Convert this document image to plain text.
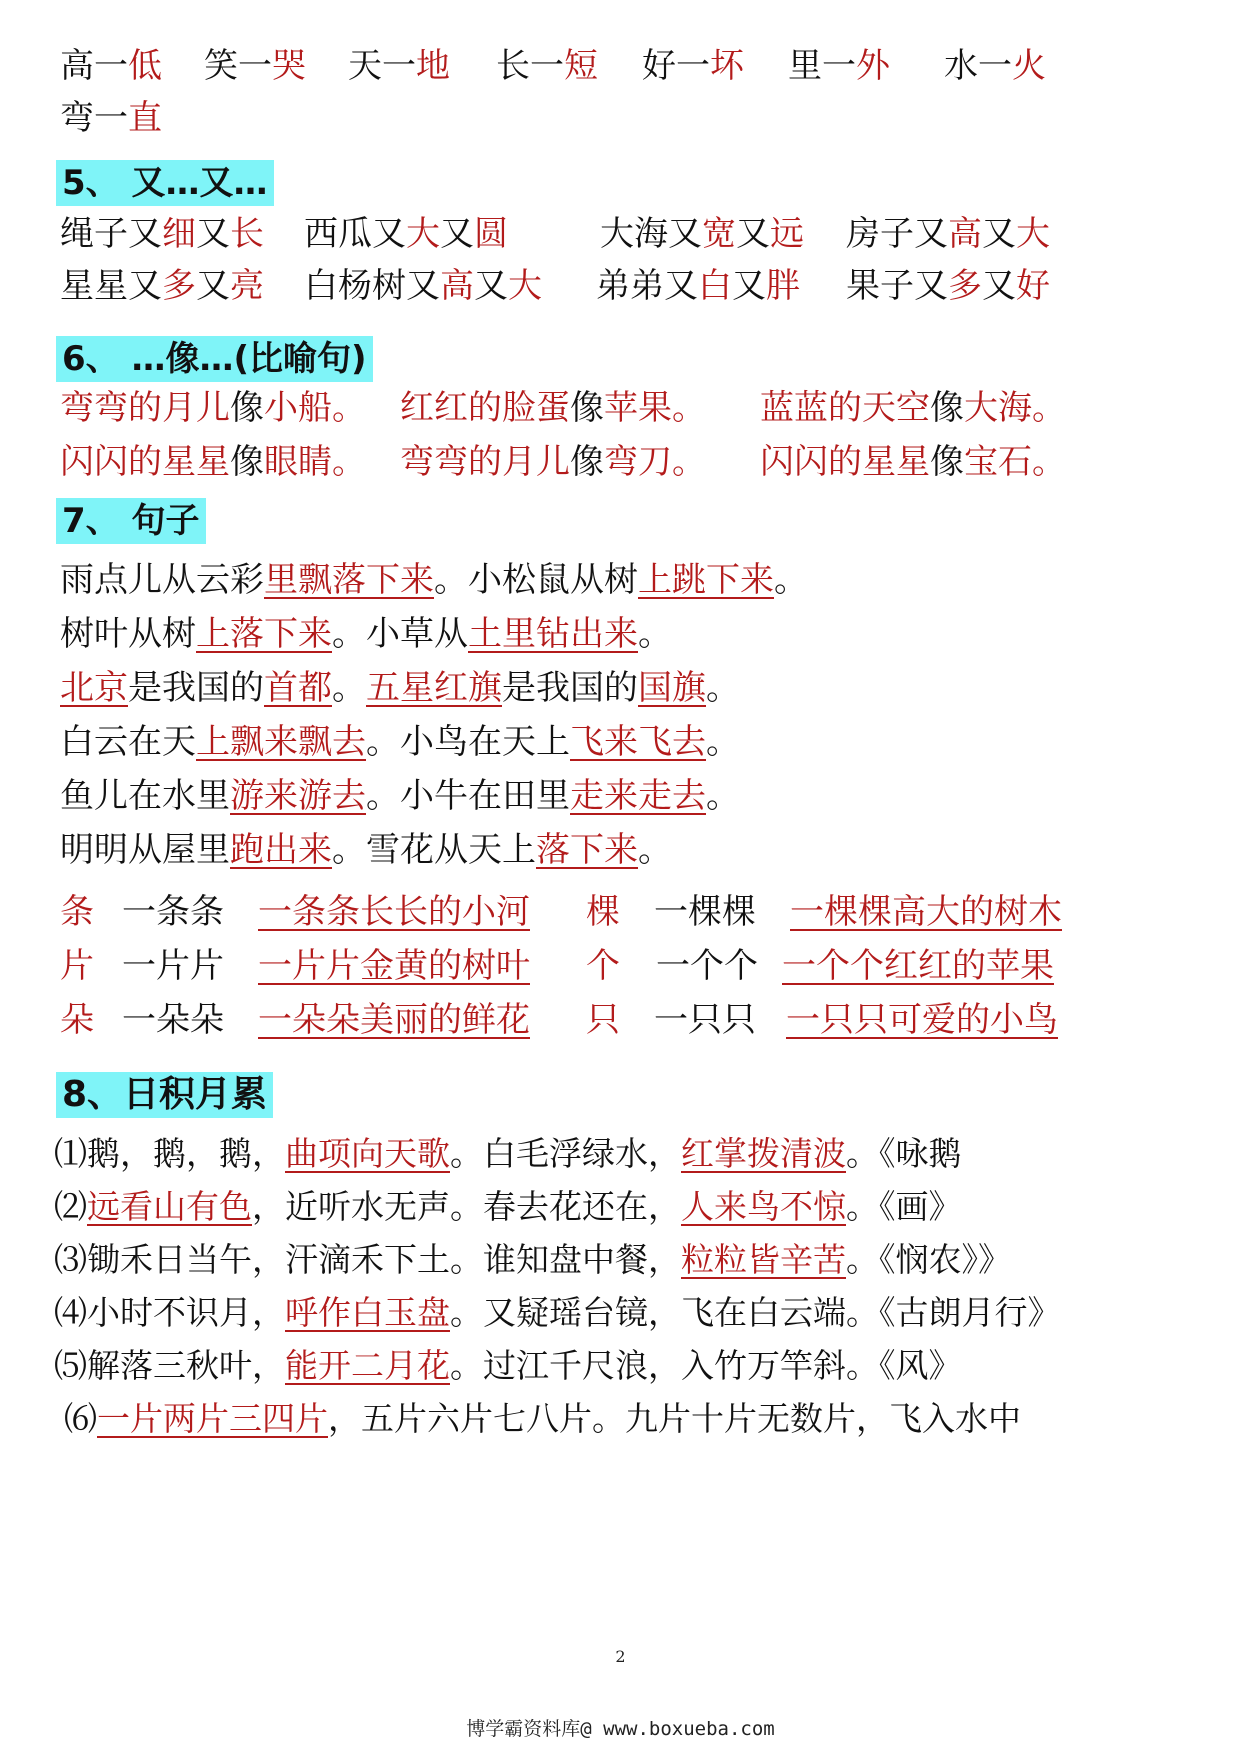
高一低 笑一哭 天一地 长一短 好一坏 里一外 水一火
弯一直
5、 又…又…
绳子又细又长 西瓜又大又圆	大海又宽又远 房子又高又大
星星又多又亮 白杨树又高又大 弟弟又白又胖 果子又多又好
6、 …像…(比喻句)
弯弯的月儿像小船。 红红的脸蛋像苹果。 蓝蓝的天空像大海。
闪闪的星星像眼睛。 弯弯的月儿像弯刀。 闪闪的星星像宝石。
7、 句子
雨点儿从云彩里飘落下来。小松鼠从树上跳下来。
树叶从树上落下来。小草从土里钻出来。
北京是我国的首都。五星红旗是我国的国旗。
白云在天上飘来飘去。小鸟在天上飞来飞去。
鱼儿在水里游来游去。小牛在田里走来走去。
明明从屋里跑出来。雪花从天上落下来。
条 一条条 一条条长长的小河 棵 一棵棵 一棵棵高大的树木
片 一片片 一片片金黄的树叶 个 一个个 一个个红红的苹果
朵 一朵朵 一朵朵美丽的鲜花 只 一只只 一只只可爱的小鸟
8、日积月累
⑴鹅，鹅，鹅，曲项向天歌。白毛浮绿水，红掌拨清波。《咏鹅
⑵远看山有色，近听水无声。春去花还在，人来鸟不惊。《画》
⑶锄禾日当午，汗滴禾下土。谁知盘中餐，粒粒皆辛苦。《悯农》》
⑷小时不识月，呼作白玉盘。又疑瑶台镜，飞在白云端。《古朗月行》
⑸解落三秋叶，能开二月花。过江千尺浪，入竹万竿斜。《风》
⑹一片两片三四片，五片六片七八片。九片十片无数片，飞入水中
2
博学霸资料库@ www.boxueba.com
